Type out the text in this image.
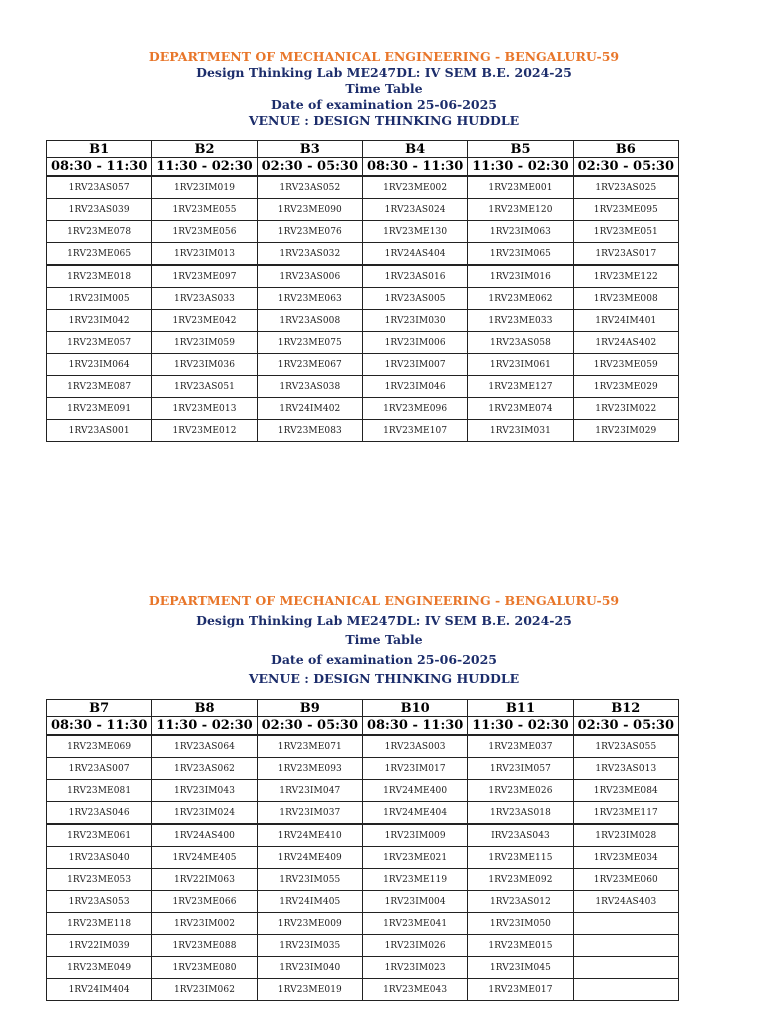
DEPARTMENT OF MECHANICAL ENGINEERING - BENGALURU-59
Design Thinking Lab ME247DL: IV SEM B.E. 2024-25
Time Table
Date of examination 25-06-2025
VENUE : DESIGN THINKING HUDDLE
B1	B2	B3	B4	B5	B6
08:30 - 11:30	11:30 - 02:30	02:30 - 05:30	08:30 - 11:30	11:30 - 02:30	02:30 - 05:30
1RV23AS057	1RV23IM019	1RV23AS052	1RV23ME002	1RV23ME001	1RV23AS025
1RV23AS039	1RV23ME055	1RV23ME090	1RV23AS024	1RV23ME120	1RV23ME095
1RV23ME078	1RV23ME056	1RV23ME076	1RV23ME130	1RV23IM063	1RV23ME051
1RV23ME065	1RV23IM013	1RV23AS032	1RV24AS404	1RV23IM065	1RV23AS017
1RV23ME018	1RV23ME097	1RV23AS006	1RV23AS016	1RV23IM016	1RV23ME122
1RV23IM005	1RV23AS033	1RV23ME063	1RV23AS005	1RV23ME062	1RV23ME008
1RV23IM042	1RV23ME042	1RV23AS008	1RV23IM030	1RV23ME033	1RV24IM401
1RV23ME057	1RV23IM059	1RV23ME075	1RV23IM006	1RV23AS058	1RV24AS402
1RV23IM064	1RV23IM036	1RV23ME067	1RV23IM007	1RV23IM061	1RV23ME059
1RV23ME087	1RV23AS051	1RV23AS038	1RV23IM046	1RV23ME127	1RV23ME029
1RV23ME091	1RV23ME013	1RV24IM402	1RV23ME096	1RV23ME074	1RV23IM022
1RV23AS001	1RV23ME012	1RV23ME083	1RV23ME107	1RV23IM031	1RV23IM029
DEPARTMENT OF MECHANICAL ENGINEERING - BENGALURU-59
Design Thinking Lab ME247DL: IV SEM B.E. 2024-25
Time Table
Date of examination 25-06-2025
VENUE : DESIGN THINKING HUDDLE
B7	B8	B9	B10	B11	B12
08:30 - 11:30	11:30 - 02:30	02:30 - 05:30	08:30 - 11:30	11:30 - 02:30	02:30 - 05:30
1RV23ME069	1RV23AS064	1RV23ME071	1RV23AS003	1RV23ME037	1RV23AS055
1RV23AS007	1RV23AS062	1RV23ME093	1RV23IM017	1RV23IM057	1RV23AS013
1RV23ME081	1RV23IM043	1RV23IM047	1RV24ME400	1RV23ME026	1RV23ME084
1RV23AS046	1RV23IM024	1RV23IM037	1RV24ME404	1RV23AS018	1RV23ME117
1RV23ME061	1RV24AS400	1RV24ME410	1RV23IM009	IRV23AS043	1RV23IM028
1RV23AS040	1RV24ME405	1RV24ME409	1RV23ME021	1RV23ME115	1RV23ME034
1RV23ME053	1RV22IM063	1RV23IM055	1RV23ME119	1RV23ME092	1RV23ME060
1RV23AS053	1RV23ME066	1RV24IM405	1RV23IM004	1RV23AS012	1RV24AS403
1RV23ME118	1RV23IM002	1RV23ME009	1RV23ME041	1RV23IM050	
1RV22IM039	1RV23ME088	1RV23IM035	1RV23IM026	1RV23ME015	
1RV23ME049	1RV23ME080	1RV23IM040	1RV23IM023	1RV23IM045	
1RV24IM404	1RV23IM062	1RV23ME019	1RV23ME043	1RV23ME017	
